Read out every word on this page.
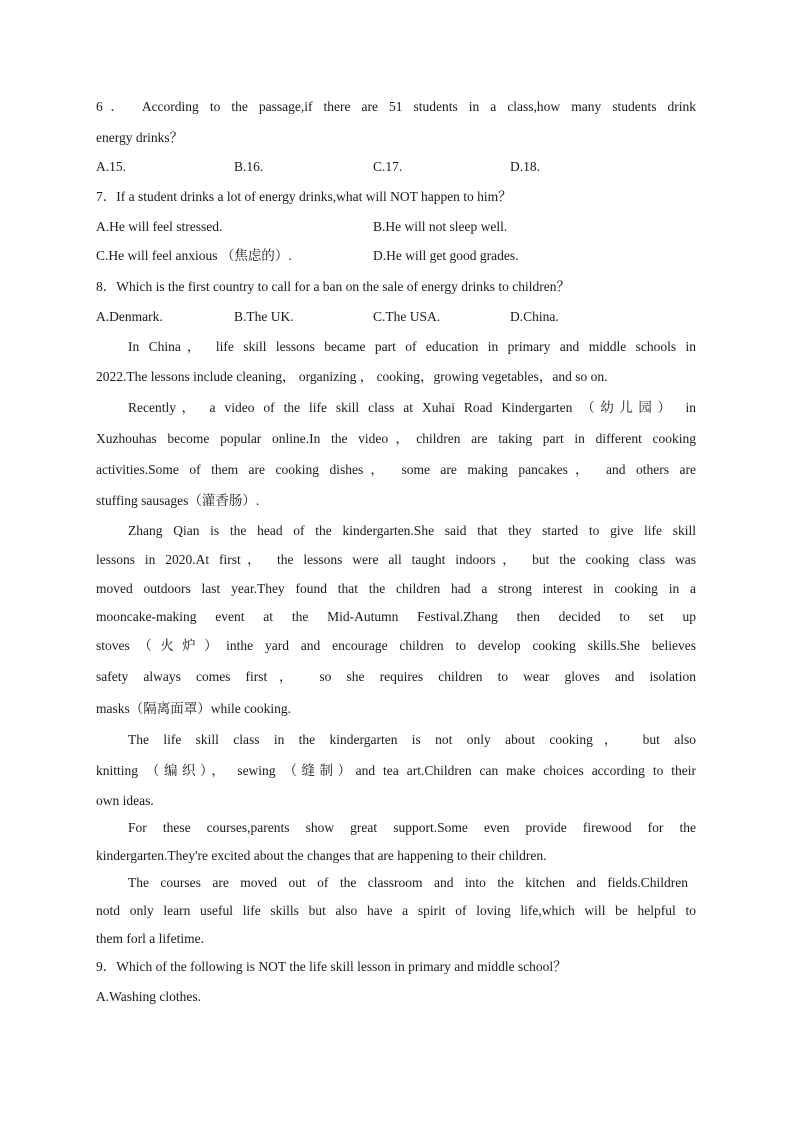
6． According to the passage,if there are 51 students in a class,how many students drink
energy drinks？
A.15.	B.16.	C.17.	D.18.
7．If a student drinks a lot of energy drinks,what will NOT happen to him？
A.He will feel stressed.	B.He will not sleep well.
C.He will feel anxious （焦虑的）.	D.He will get good grades.
8．Which is the first country to call for a ban on the sale of energy drinks to children？
A.Denmark.	B.The UK.	C.The USA.	D.China.
In China， life skill lessons became part of education in primary and middle schools in
2022.The lessons include cleaning， organizing ， cooking，growing vegetables，and so on.
Recently， a video of the life skill class at Xuhai Road Kindergarten （幼儿园） in
Xuzhouhas become popular online.In the video，children are taking part in different cooking
activities.Some of them are cooking dishes， some are making pancakes， and others are
stuffing sausages（灌香肠）.
Zhang Qian is the head of the kindergarten.She said that they started to give life skill
lessons in 2020.At first， the lessons were all taught indoors， but the cooking class was
moved outdoors last year.They found that the children had a strong interest in cooking in a
mooncake-making event at the Mid-Autumn Festival.Zhang then decided to set up
stoves（火炉）inthe yard and encourage children to develop cooking skills.She believes
safety always comes first， so she requires children to wear gloves and isolation
masks（隔离面罩）while cooking.
The life skill class in the kindergarten is not only about cooking， but also
knitting （编织）， sewing （缝制）and tea art.Children can make choices according to their
own ideas.
For these courses,parents show great support.Some even provide firewood for the
kindergarten.They're excited about the changes that are happening to their children.
The courses are moved out of the classroom and into the kitchen and fields.Children
notd only learn useful life skills but also have a spirit of loving life,which will be helpful to
them forl a lifetime.
9．Which of the following is NOT the life skill lesson in primary and middle school？
A.Washing clothes.
